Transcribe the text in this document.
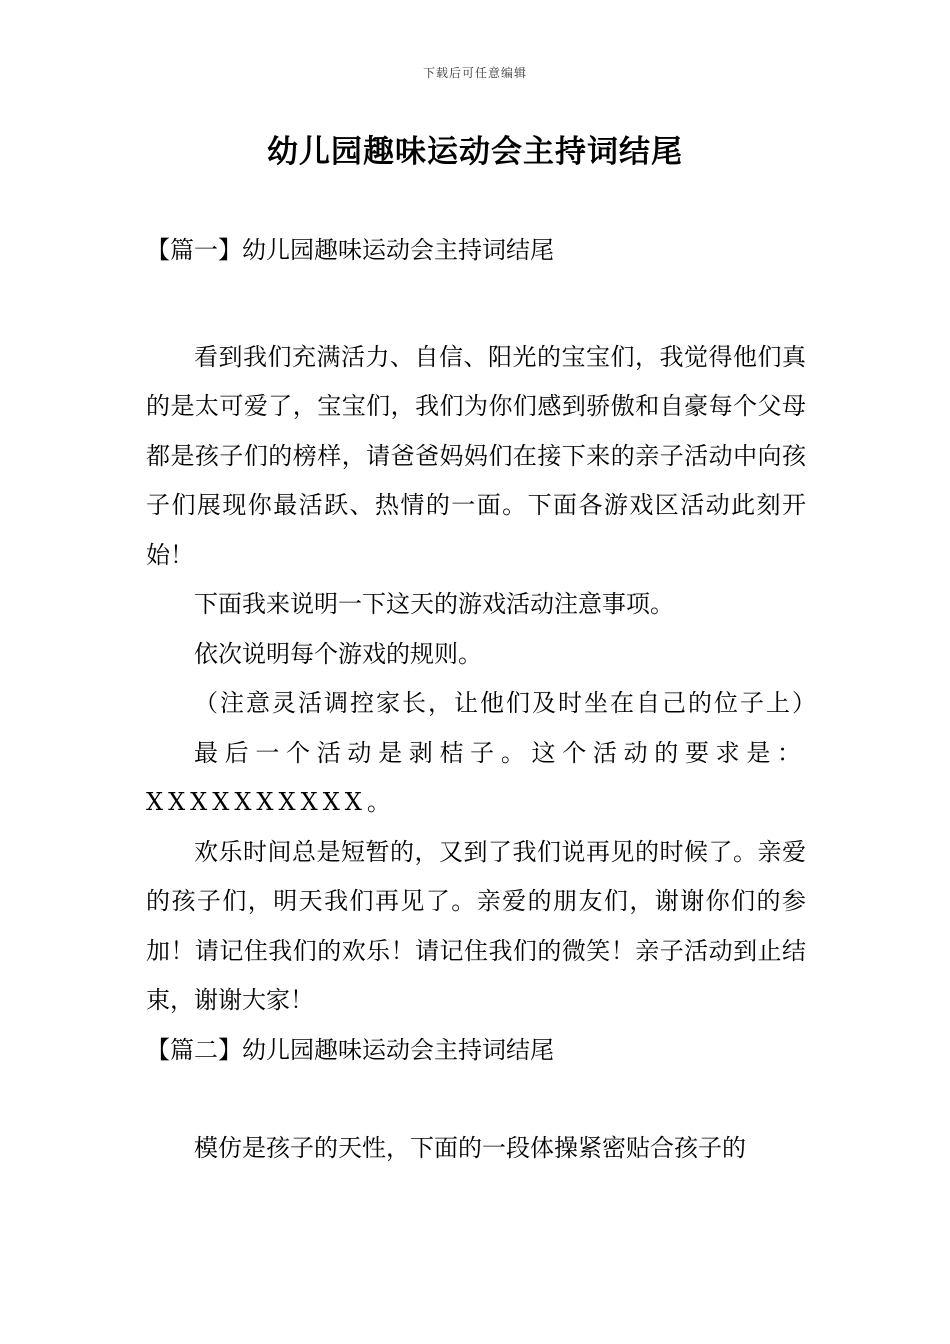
下载后可任意编辑
幼儿园趣味运动会主持词结尾

【篇一】幼儿园趣味运动会主持词结尾

看到我们充满活力、自信、阳光的宝宝们，我觉得他们真的是太可爱了，宝宝们，我们为你们感到骄傲和自豪每个父母都是孩子们的榜样，请爸爸妈妈们在接下来的亲子活动中向孩子们展现你最活跃、热情的一面。下面各游戏区活动此刻开始！

下面我来说明一下这天的游戏活动注意事项。

依次说明每个游戏的规则。

（注意灵活调控家长，让他们及时坐在自己的位子上）

最后一个活动是剥桔子。这个活动的要求是：XXXXXXXXXX。

欢乐时间总是短暂的，又到了我们说再见的时候了。亲爱的孩子们，明天我们再见了。亲爱的朋友们，谢谢你们的参加！请记住我们的欢乐！请记住我们的微笑！亲子活动到止结束，谢谢大家！

【篇二】幼儿园趣味运动会主持词结尾

模仿是孩子的天性，下面的一段体操紧密贴合孩子的
